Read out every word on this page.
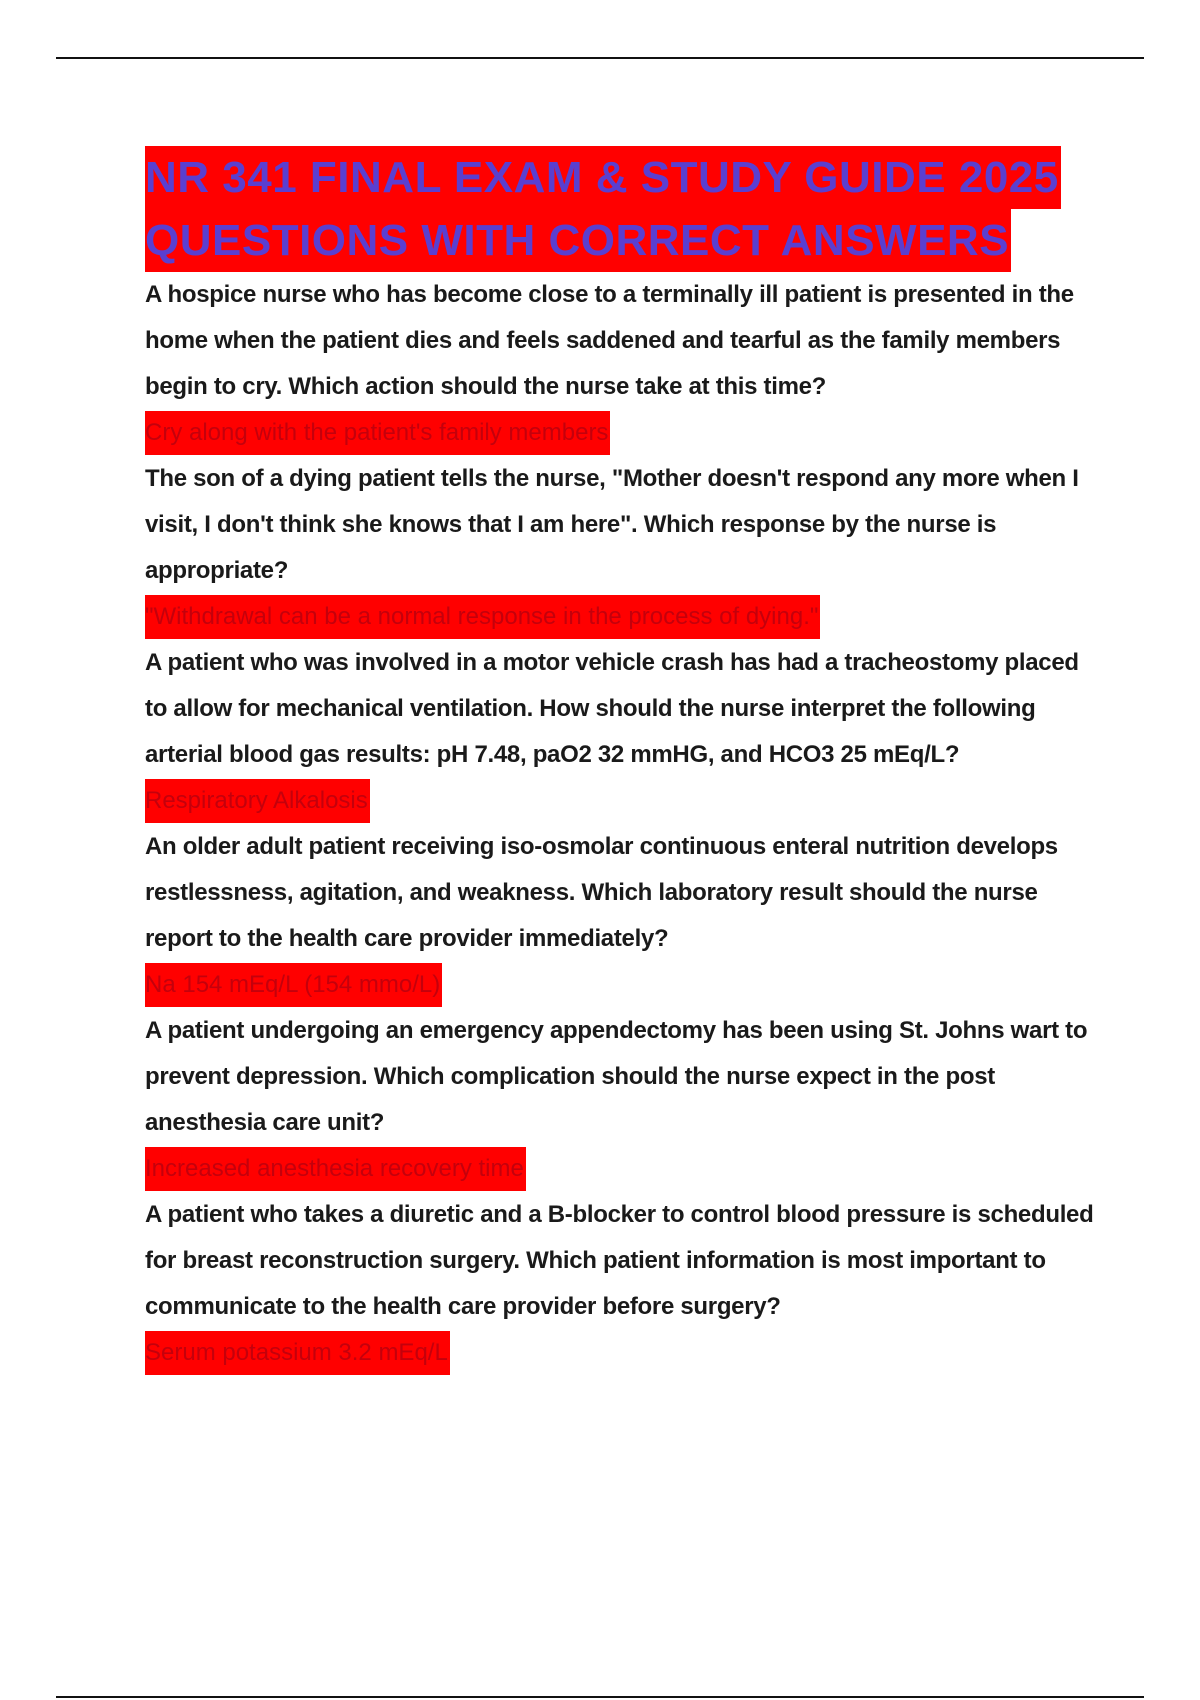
NR 341 FINAL EXAM & STUDY GUIDE 2025
QUESTIONS WITH CORRECT ANSWERS

A hospice nurse who has become close to a terminally ill patient is presented in the home when the patient dies and feels saddened and tearful as the family members begin to cry. Which action should the nurse take at this time?

Cry along with the patient's family members

The son of a dying patient tells the nurse, "Mother doesn't respond any more when I visit, I don't think she knows that I am here". Which response by the nurse is appropriate?

"Withdrawal can be a normal response in the process of dying."

A patient who was involved in a motor vehicle crash has had a tracheostomy placed to allow for mechanical ventilation. How should the nurse interpret the following arterial blood gas results: pH 7.48, paO2 32 mmHG, and HCO3 25 mEq/L?

Respiratory Alkalosis

An older adult patient receiving iso-osmolar continuous enteral nutrition develops restlessness, agitation, and weakness. Which laboratory result should the nurse report to the health care provider immediately?

Na 154 mEq/L (154 mmo/L)

A patient undergoing an emergency appendectomy has been using St. Johns wart to prevent depression. Which complication should the nurse expect in the post anesthesia care unit?

Increased anesthesia recovery time

A patient who takes a diuretic and a B-blocker to control blood pressure is scheduled for breast reconstruction surgery. Which patient information is most important to communicate to the health care provider before surgery?

Serum potassium 3.2 mEq/L
